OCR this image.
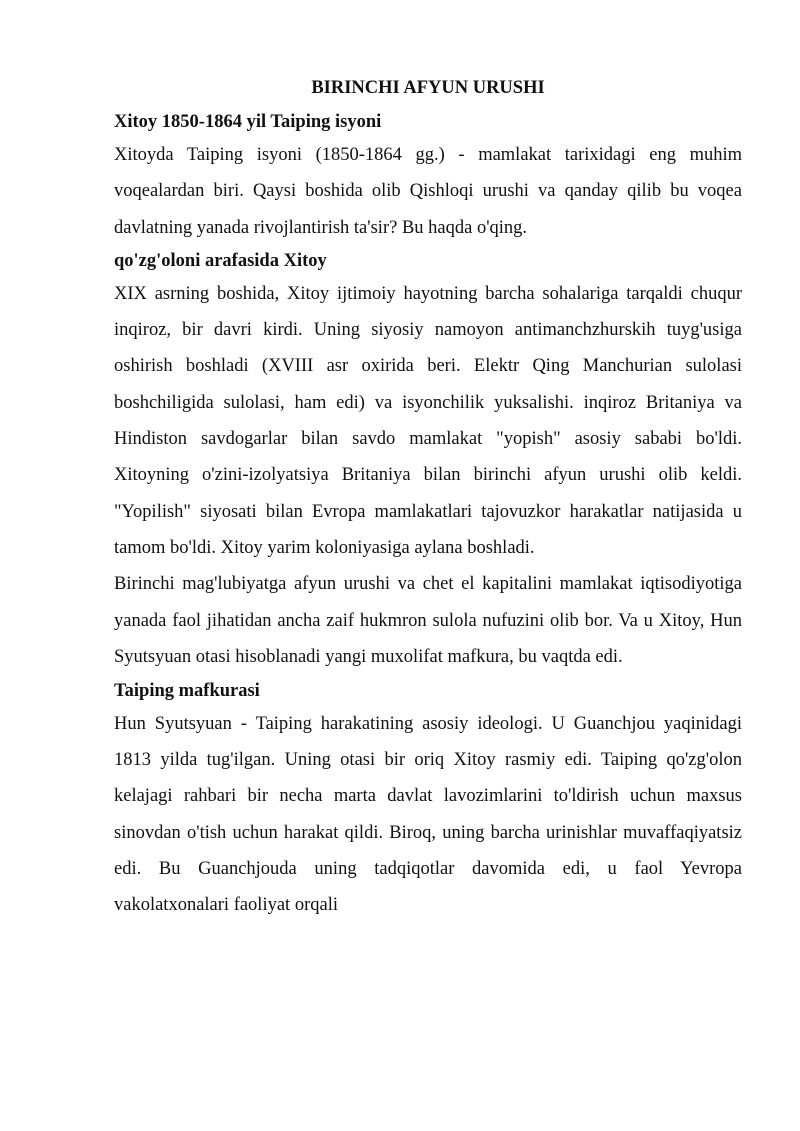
BIRINCHI AFYUN URUSHI
Xitoy 1850-1864 yil Taiping isyoni

Xitoyda Taiping isyoni (1850-1864 gg.) - mamlakat tarixidagi eng muhim voqealardan biri. Qaysi boshida olib Qishloqi urushi va qanday qilib bu voqea davlatning yanada rivojlantirish ta'sir? Bu haqda o'qing.

qo'zg'oloni arafasida Xitoy

XIX asrning boshida, Xitoy ijtimoiy hayotning barcha sohalariga tarqaldi chuqur inqiroz, bir davri kirdi. Uning siyosiy namoyon antimanchzhurskih tuyg'usiga oshirish boshladi (XVIII asr oxirida beri. Elektr Qing Manchurian sulolasi boshchiligida sulolasi, ham edi) va isyonchilik yuksalishi. inqiroz Britaniya va Hindiston savdogarlar bilan savdo mamlakat "yopish" asosiy sababi bo'ldi. Xitoyning o'zini-izolyatsiya Britaniya bilan birinchi afyun urushi olib keldi. "Yopilish" siyosati bilan Evropa mamlakatlari tajovuzkor harakatlar natijasida u tamom bo'ldi. Xitoy yarim koloniyasiga aylana boshladi.

Birinchi mag'lubiyatga afyun urushi va chet el kapitalini mamlakat iqtisodiyotiga yanada faol jihatidan ancha zaif hukmron sulola nufuzini olib bor. Va u Xitoy, Hun Syutsyuan otasi hisoblanadi yangi muxolifat mafkura, bu vaqtda edi.

Taiping mafkurasi

Hun Syutsyuan - Taiping harakatining asosiy ideologi. U Guanchjou yaqinidagi 1813 yilda tug'ilgan. Uning otasi bir oriq Xitoy rasmiy edi. Taiping qo'zg'olon kelajagi rahbari bir necha marta davlat lavozimlarini to'ldirish uchun maxsus sinovdan o'tish uchun harakat qildi. Biroq, uning barcha urinishlar muvaffaqiyatsiz edi. Bu Guanchjouda uning tadqiqotlar davomida edi, u faol Yevropa vakolatxonalari faoliyat orqali
